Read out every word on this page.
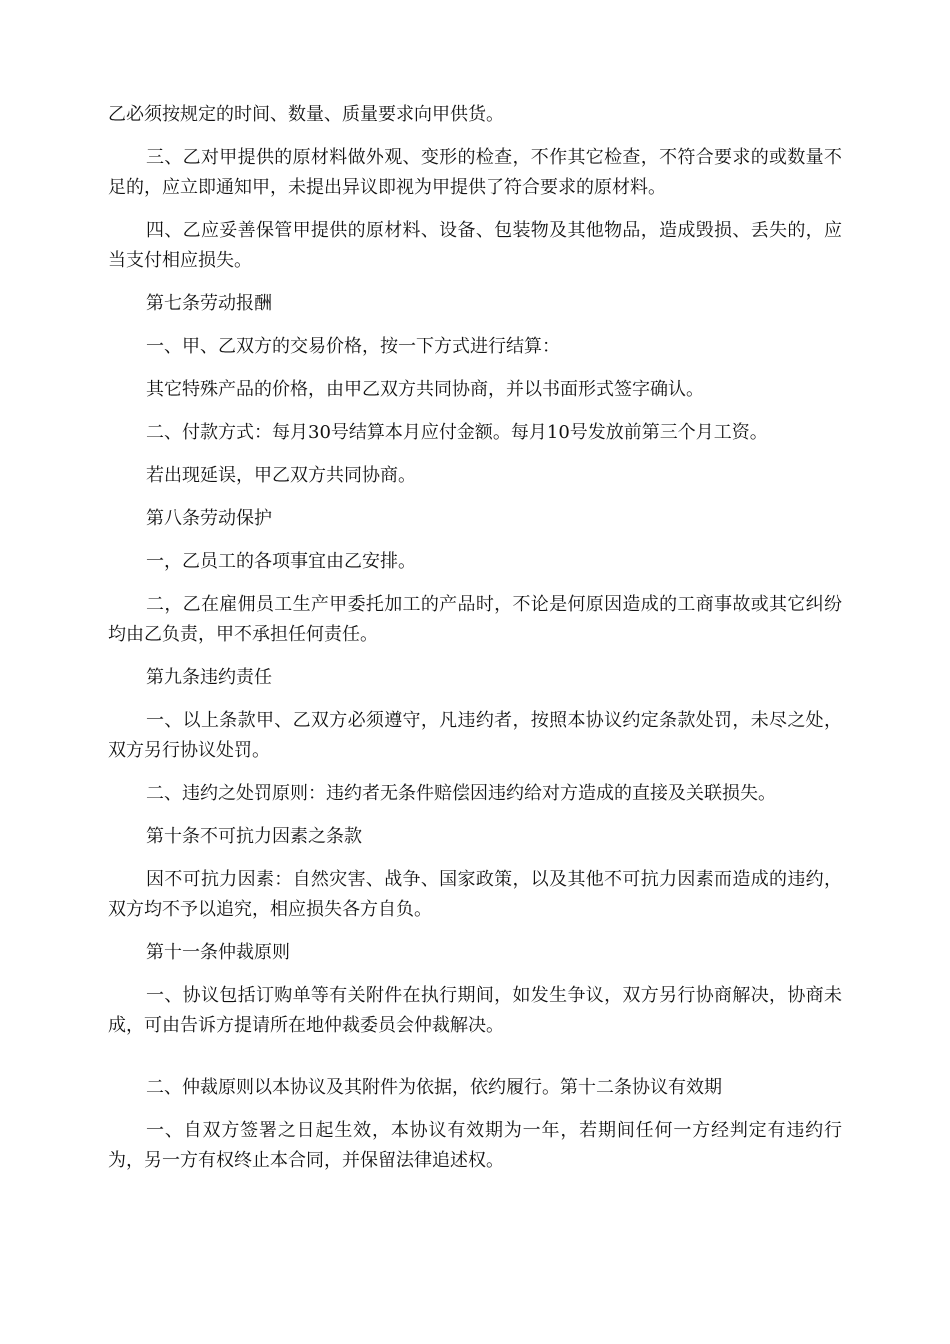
乙必须按规定的时间、数量、质量要求向甲供货。

三、乙对甲提供的原材料做外观、变形的检查，不作其它检查，不符合要求的或数量不足的，应立即通知甲，未提出异议即视为甲提供了符合要求的原材料。

四、乙应妥善保管甲提供的原材料、设备、包装物及其他物品，造成毁损、丢失的，应当支付相应损失。

第七条劳动报酬

一、甲、乙双方的交易价格，按一下方式进行结算：

其它特殊产品的价格，由甲乙双方共同协商，并以书面形式签字确认。

二、付款方式：每月30号结算本月应付金额。每月10号发放前第三个月工资。

若出现延误，甲乙双方共同协商。

第八条劳动保护

一，乙员工的各项事宜由乙安排。

二，乙在雇佣员工生产甲委托加工的产品时，不论是何原因造成的工商事故或其它纠纷均由乙负责，甲不承担任何责任。

第九条违约责任

一、以上条款甲、乙双方必须遵守，凡违约者，按照本协议约定条款处罚，未尽之处，双方另行协议处罚。

二、违约之处罚原则：违约者无条件赔偿因违约给对方造成的直接及关联损失。

第十条不可抗力因素之条款

因不可抗力因素：自然灾害、战争、国家政策，以及其他不可抗力因素而造成的违约，双方均不予以追究，相应损失各方自负。

第十一条仲裁原则

一、协议包括订购单等有关附件在执行期间，如发生争议，双方另行协商解决，协商未成，可由告诉方提请所在地仲裁委员会仲裁解决。

二、仲裁原则以本协议及其附件为依据，依约履行。第十二条协议有效期

一、自双方签署之日起生效，本协议有效期为一年，若期间任何一方经判定有违约行为，另一方有权终止本合同，并保留法律追述权。
